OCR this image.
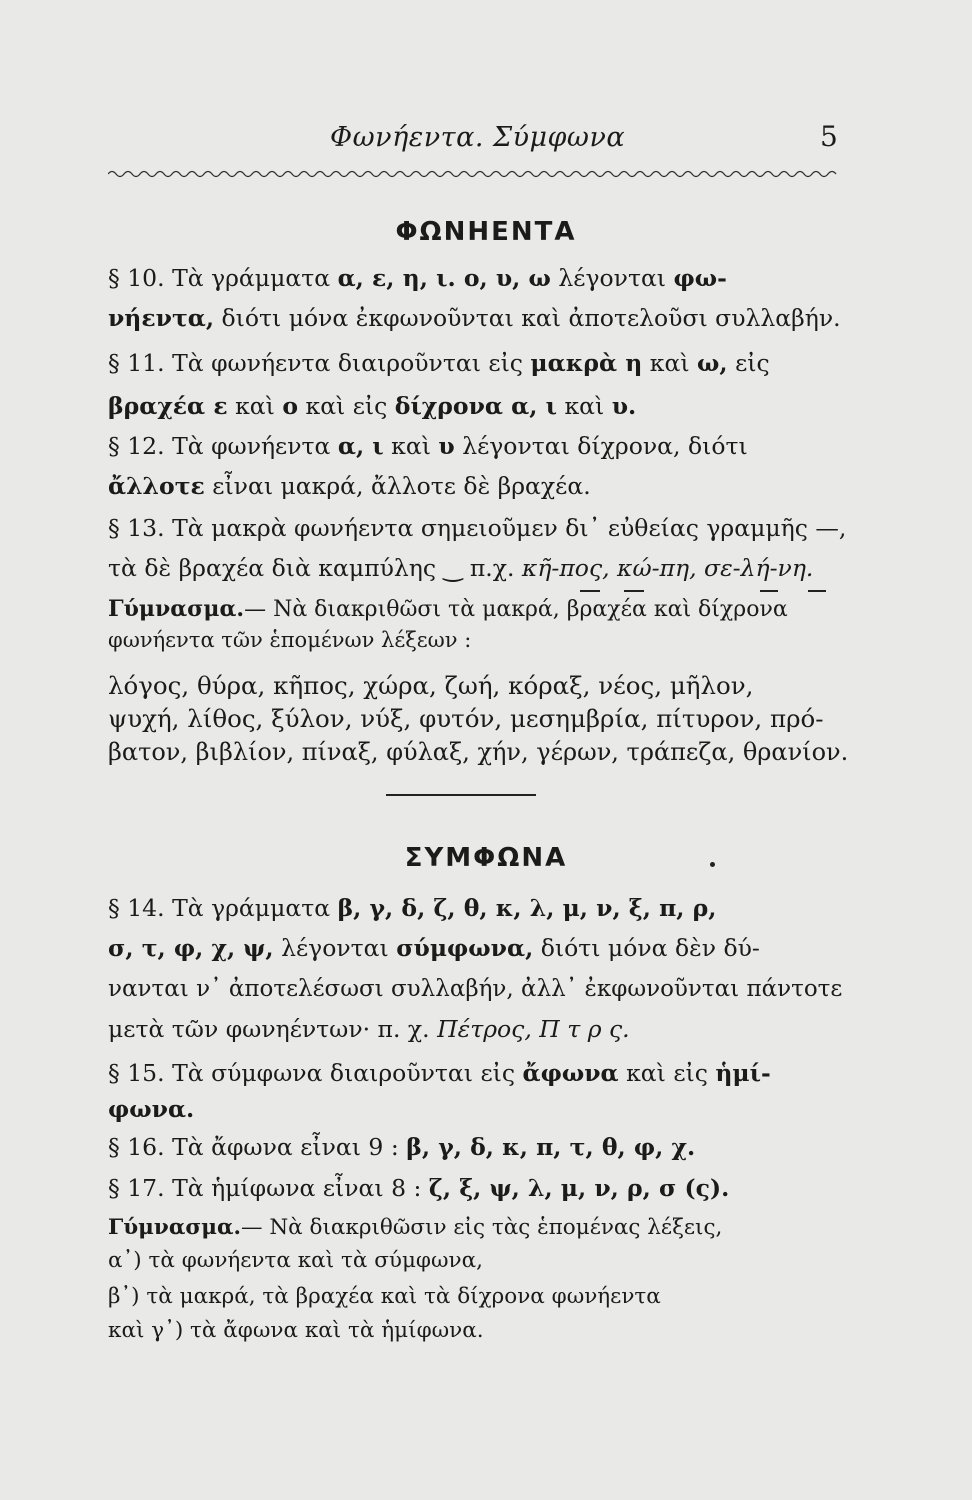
Φωνήεντα. Σύμφωνα	5
ΦΩΝΗΕΝΤΑ
§ 10. Τὰ γράμματα α, ε, η, ι. ο, υ, ω λέγονται φω-
νήεντα, διότι μόνα ἐκφωνοῦνται καὶ ἀποτελοῦσι συλλαβήν.
§ 11. Τὰ φωνήεντα διαιροῦνται εἰς μακρὰ η καὶ ω, εἰς
βραχέα ε καὶ ο καὶ εἰς δίχρονα α, ι καὶ υ.
§ 12. Τὰ φωνήεντα α, ι καὶ υ λέγονται δίχρονα, διότι
ἄλλοτε εἶναι μακρά, ἄλλοτε δὲ βραχέα.
§ 13. Τὰ μακρὰ φωνήεντα σημειοῦμεν δι᾽ εὐθείας γραμμῆς —,
τὰ δὲ βραχέα διὰ καμπύλης ‿ π.χ. κῆ-πος, κώ-πη, σε-λή-νη.
Γύμνασμα.— Νὰ διακριθῶσι τὰ μακρά, βραχέα καὶ δίχρονα
φωνήεντα τῶν ἑπομένων λέξεων :
λόγος, θύρα, κῆπος, χώρα, ζωή, κόραξ, νέος, μῆλον,
ψυχή, λίθος, ξύλον, νύξ, φυτόν, μεσημβρία, πίτυρον, πρό-
βατον, βιβλίον, πίναξ, φύλαξ, χήν, γέρων, τράπεζα, θρανίον.
ΣΥΜΦΩΝΑ
§ 14. Τὰ γράμματα β, γ, δ, ζ, θ, κ, λ, μ, ν, ξ, π, ρ,
σ, τ, φ, χ, ψ, λέγονται σύμφωνα, διότι μόνα δὲν δύ-
νανται ν᾽ ἀποτελέσωσι συλλαβήν, ἀλλ᾽ ἐκφωνοῦνται πάντοτε
μετὰ τῶν φωνηέντων· π. χ. Πέτρος, Π τ ρ ς.
§ 15. Τὰ σύμφωνα διαιροῦνται εἰς ἄφωνα καὶ εἰς ἡμί-
φωνα.
§ 16. Τὰ ἄφωνα εἶναι 9 : β, γ, δ, κ, π, τ, θ, φ, χ.
§ 17. Τὰ ἡμίφωνα εἶναι 8 : ζ, ξ, ψ, λ, μ, ν, ρ, σ (ς).
Γύμνασμα.— Νὰ διακριθῶσιν εἰς τὰς ἑπομένας λέξεις,
α᾽) τὰ φωνήεντα καὶ τὰ σύμφωνα,
β᾽) τὰ μακρά, τὰ βραχέα καὶ τὰ δίχρονα φωνήεντα
καὶ γ᾽) τὰ ἄφωνα καὶ τὰ ἡμίφωνα.
